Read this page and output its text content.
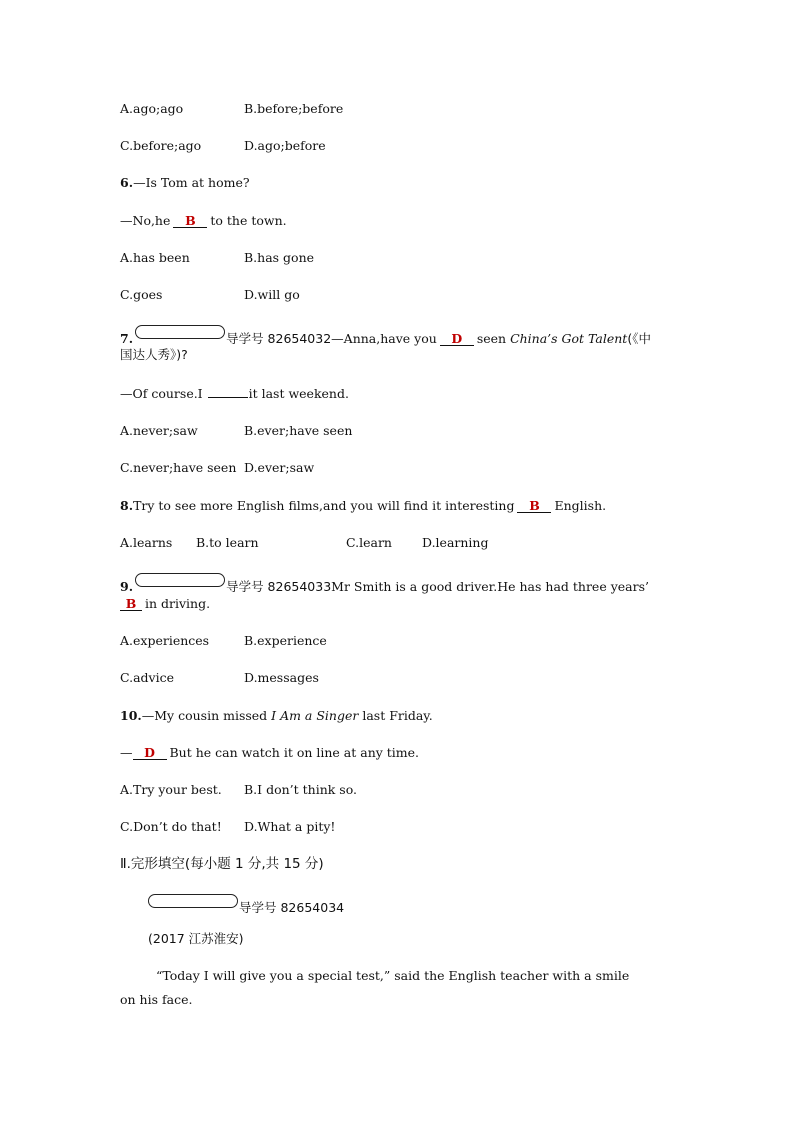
A.ago;ago	B.before;before
C.before;ago	D.ago;before
6.—Is Tom at home?
—No,he B to the town.
A.has been	B.has gone
C.goes	D.will go
7.	导学号 82654032—Anna,have you D seen China’s Got Talent(《中
国达人秀》)?
—Of course.I	it last weekend.
A.never;saw	B.ever;have seen
C.never;have seen D.ever;saw
8.Try to see more English films,and you will find it interesting B English.
A.learns B.to learn	C.learn D.learning
9.	导学号 82654033Mr Smith is a good driver.He has had three years’
B in driving.
A.experiences	B.experience
C.advice	D.messages
10.—My cousin missed I Am a Singer last Friday.
— D But he can watch it on line at any time.
A.Try your best. B.I don’t think so.
C.Don’t do that! D.What a pity!
Ⅱ.完形填空(每小题 1 分,共 15 分)
导学号 82654034
(2017 江苏淮安)
“Today I will give you a special test,” said the English teacher with a smile
on his face.
